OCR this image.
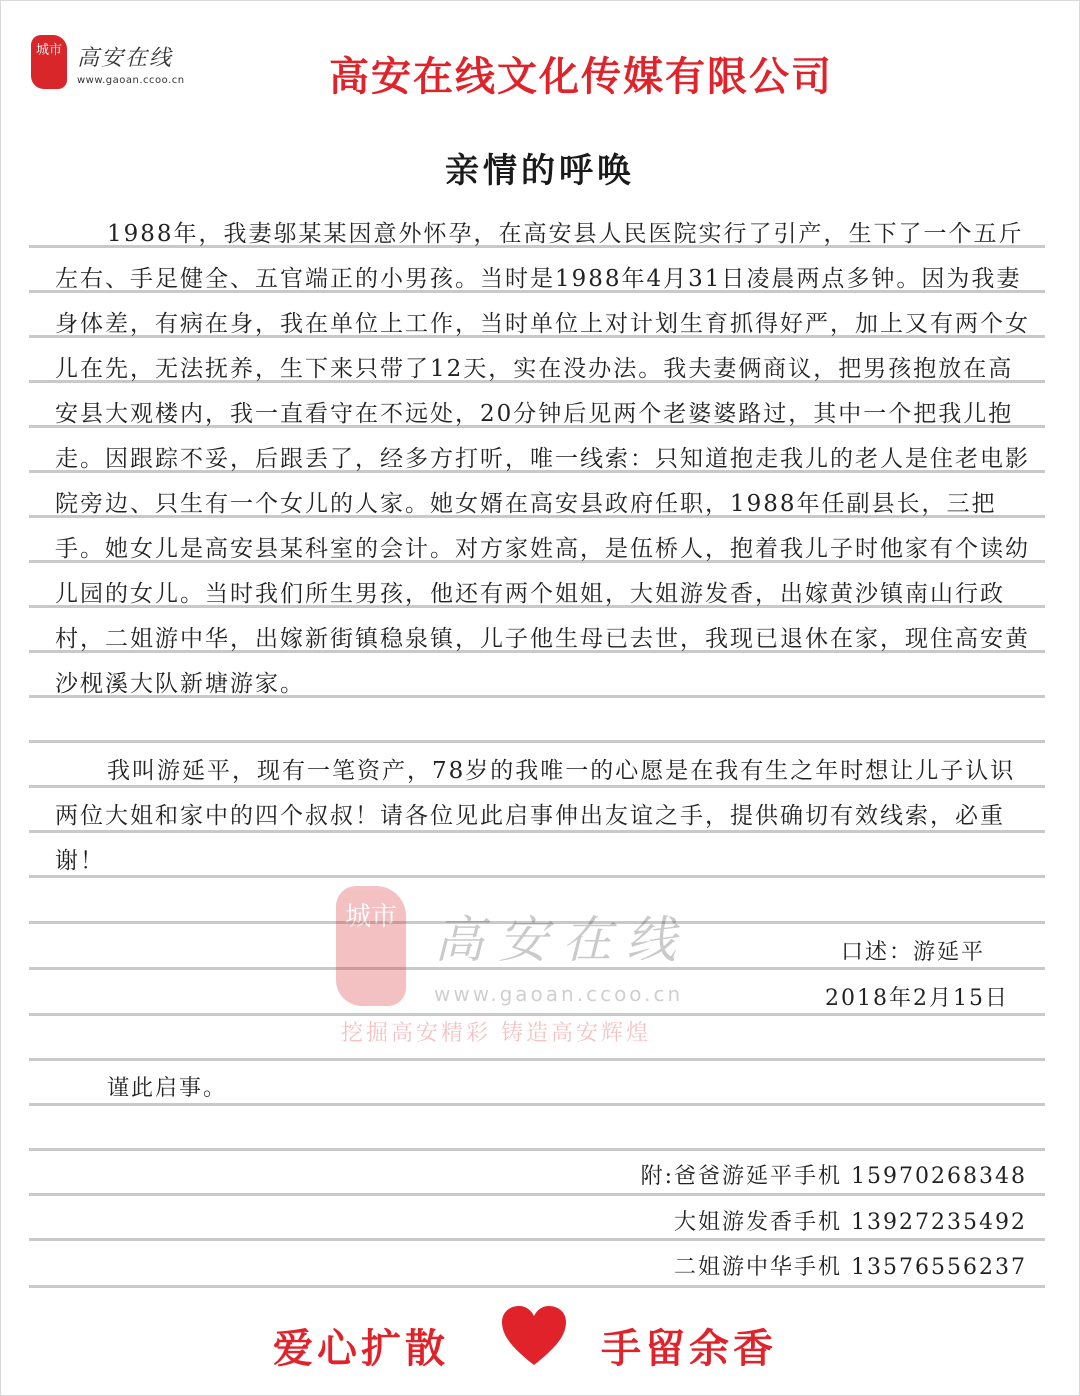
城市 高安在线
www.gaoan.ccoo.cn	高安在线文化传媒有限公司
亲情的呼唤
城市 高安在线
www.gaoan.ccoo.cn
挖掘高安精彩 铸造高安辉煌

1988年，我妻邬某某因意外怀孕，在高安县人民医院实行了引产，生下了一个五斤左右、手足健全、五官端正的小男孩。当时是1988年4月31日凌晨两点多钟。因为我妻身体差，有病在身，我在单位上工作，当时单位上对计划生育抓得好严，加上又有两个女儿在先，无法抚养，生下来只带了12天，实在没办法。我夫妻俩商议，把男孩抱放在高安县大观楼内，我一直看守在不远处，20分钟后见两个老婆婆路过，其中一个把我儿抱走。因跟踪不妥，后跟丢了，经多方打听，唯一线索：只知道抱走我儿的老人是住老电影院旁边、只生有一个女儿的人家。她女婿在高安县政府任职，1988年任副县长，三把手。她女儿是高安县某科室的会计。对方家姓高，是伍桥人，抱着我儿子时他家有个读幼儿园的女儿。当时我们所生男孩，他还有两个姐姐，大姐游发香，出嫁黄沙镇南山行政村，二姐游中华，出嫁新街镇稳泉镇，儿子他生母已去世，我现已退休在家，现住高安黄沙枧溪大队新塘游家。

我叫游延平，现有一笔资产，78岁的我唯一的心愿是在我有生之年时想让儿子认识两位大姐和家中的四个叔叔！请各位见此启事伸出友谊之手，提供确切有效线索，必重谢！

口述：游延平
2018年2月15日
谨此启事。
附:爸爸游延平手机 15970268348
大姐游发香手机 13927235492
二姐游中华手机 13576556237
爱心扩散	手留余香
